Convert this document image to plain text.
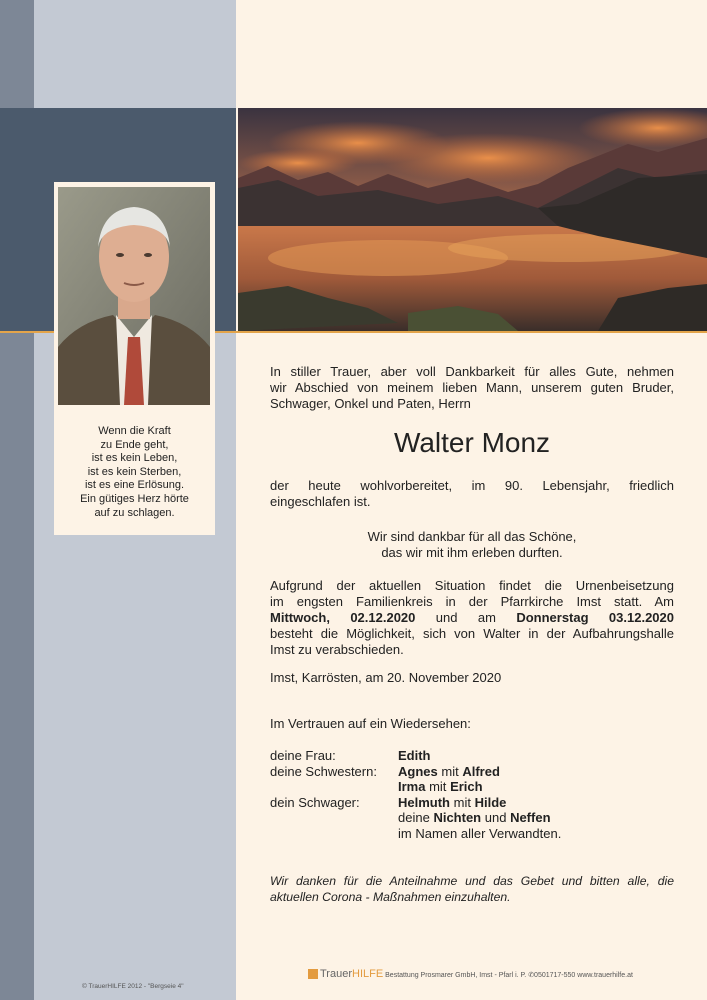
Wenn die Kraft
zu Ende geht,
ist es kein Leben,
ist es kein Sterben,
ist es eine Erlösung.
Ein gütiges Herz hörte
auf zu schlagen.
In stiller Trauer, aber voll Dankbarkeit für alles Gute, nehmen
wir Abschied von meinem lieben Mann, unserem guten Bruder,
Schwager, Onkel und Paten, Herrn
Walter Monz
der heute wohlvorbereitet, im 90. Lebensjahr, friedlich
eingeschlafen ist.
Wir sind dankbar für all das Schöne,
das wir mit ihm erleben durften.
Aufgrund der aktuellen Situation findet die Urnenbeisetzung
im engsten Familienkreis in der Pfarrkirche Imst statt. Am
Mittwoch, 02.12.2020 und am Donnerstag 03.12.2020
besteht die Möglichkeit, sich von Walter in der Aufbahrungshalle
Imst zu verabschieden.
Imst, Karrösten, am 20. November 2020
Im Vertrauen auf ein Wiedersehen:
deine Frau:	Edith
deine Schwestern: Agnes mit Alfred
Irma mit Erich
dein Schwager:	Helmuth mit Hilde
deine Nichten und Neffen
im Namen aller Verwandten.
Wir danken für die Anteilnahme und das Gebet und bitten alle, die
aktuellen Corona - Maßnahmen einzuhalten.
© TrauerHILFE 2012 - "Bergseie 4"
TrauerHILFE Bestattung Prosmarer GmbH, Imst - Pfarl i. P. ✆0501717-550 www.trauerhilfe.at
